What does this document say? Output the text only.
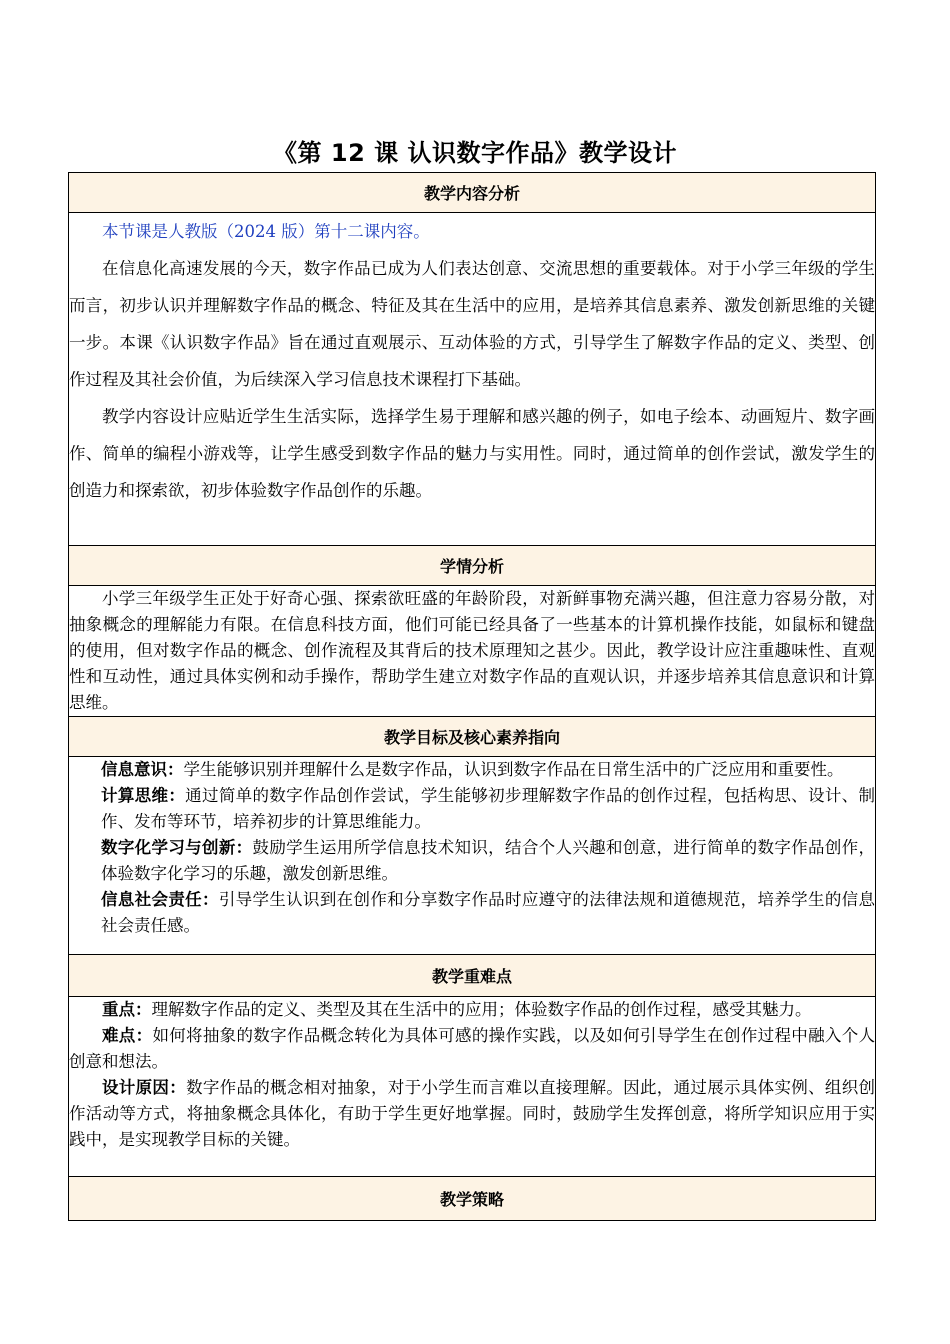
《第 12 课 认识数字作品》教学设计
教学内容分析

本节课是人教版（2024 版）第十二课内容。

在信息化高速发展的今天，数字作品已成为人们表达创意、交流思想的重要载体。对于小学三年级的学生而言，初步认识并理解数字作品的概念、特征及其在生活中的应用，是培养其信息素养、激发创新思维的关键一步。本课《认识数字作品》旨在通过直观展示、互动体验的方式，引导学生了解数字作品的定义、类型、创作过程及其社会价值，为后续深入学习信息技术课程打下基础。

教学内容设计应贴近学生生活实际，选择学生易于理解和感兴趣的例子，如电子绘本、动画短片、数字画作、简单的编程小游戏等，让学生感受到数字作品的魅力与实用性。同时，通过简单的创作尝试，激发学生的创造力和探索欲，初步体验数字作品创作的乐趣。

学情分析

小学三年级学生正处于好奇心强、探索欲旺盛的年龄阶段，对新鲜事物充满兴趣，但注意力容易分散，对抽象概念的理解能力有限。在信息科技方面，他们可能已经具备了一些基本的计算机操作技能，如鼠标和键盘的使用，但对数字作品的概念、创作流程及其背后的技术原理知之甚少。因此，教学设计应注重趣味性、直观性和互动性，通过具体实例和动手操作，帮助学生建立对数字作品的直观认识，并逐步培养其信息意识和计算思维。

教学目标及核心素养指向

信息意识：学生能够识别并理解什么是数字作品，认识到数字作品在日常生活中的广泛应用和重要性。

计算思维：通过简单的数字作品创作尝试，学生能够初步理解数字作品的创作过程，包括构思、设计、制作、发布等环节，培养初步的计算思维能力。

数字化学习与创新：鼓励学生运用所学信息技术知识，结合个人兴趣和创意，进行简单的数字作品创作，体验数字化学习的乐趣，激发创新思维。

信息社会责任：引导学生认识到在创作和分享数字作品时应遵守的法律法规和道德规范，培养学生的信息社会责任感。

教学重难点

重点：理解数字作品的定义、类型及其在生活中的应用；体验数字作品的创作过程，感受其魅力。

难点：如何将抽象的数字作品概念转化为具体可感的操作实践，以及如何引导学生在创作过程中融入个人创意和想法。

设计原因：数字作品的概念相对抽象，对于小学生而言难以直接理解。因此，通过展示具体实例、组织创作活动等方式，将抽象概念具体化，有助于学生更好地掌握。同时，鼓励学生发挥创意，将所学知识应用于实践中，是实现教学目标的关键。

教学策略
